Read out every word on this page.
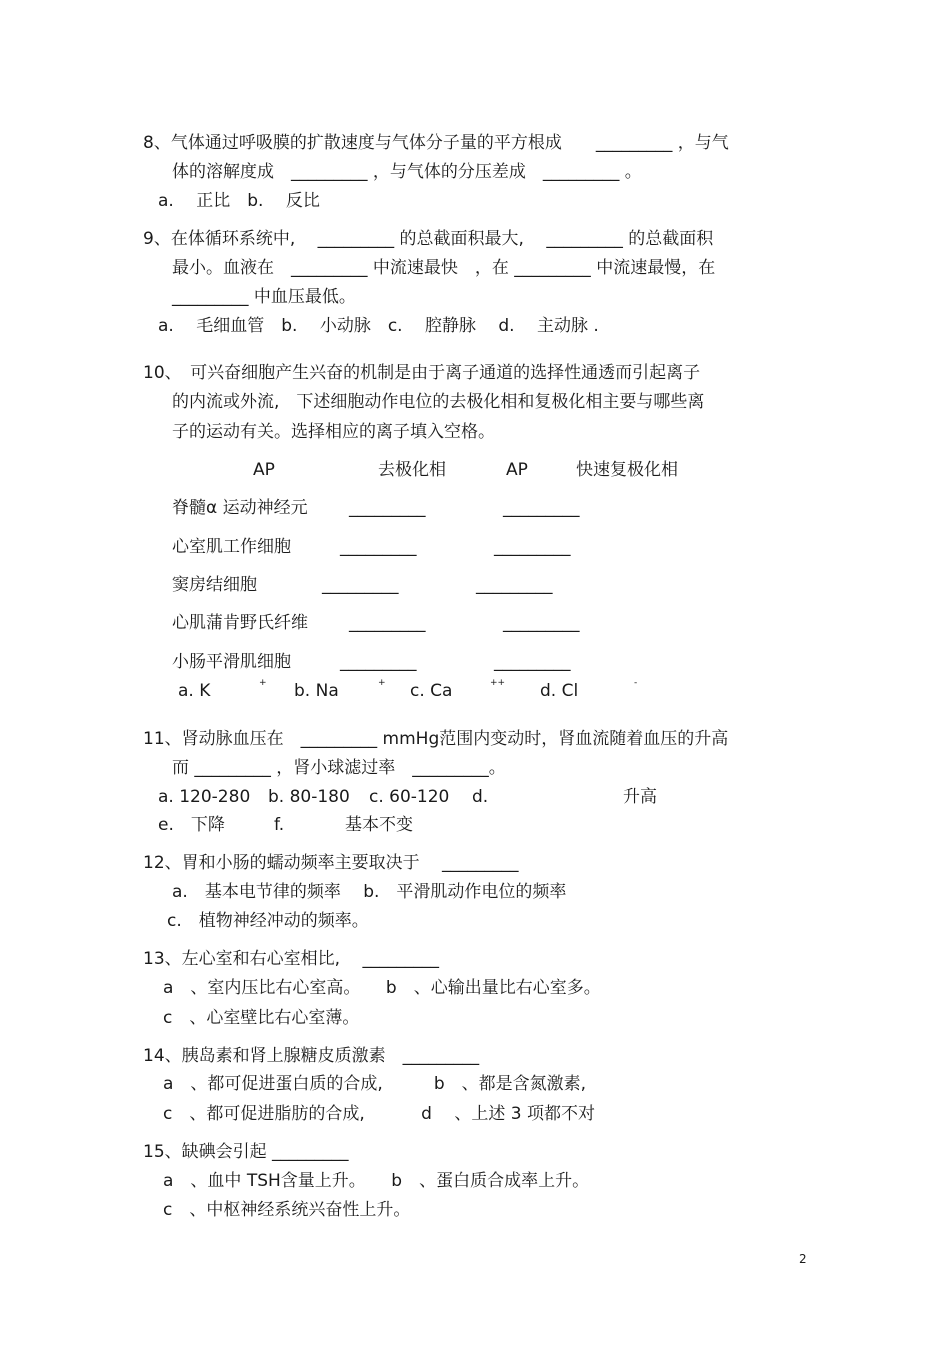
8、气体通过呼吸膜的扩散速度与气体分子量的平方根成　　_________ ，与气
体的溶解度成　_________ ，与气体的分压差成　_________ 。
a.　 正比　b.　 反比
9、在体循环系统中,　 _________ 的总截面积最大,　 _________ 的总截面积
最小。血液在　_________ 中流速最快　，在 _________ 中流速最慢，在
_________ 中血压最低。
a.　 毛细血管　b.　 小动脉　c.　 腔静脉　 d.　 主动脉 .
10、　可兴奋细胞产生兴奋的机制是由于离子通道的选择性通透而引起离子
的内流或外流,　下述细胞动作电位的去极化相和复极化相主要与哪些离
子的运动有关。选择相应的离子填入空格。
AP	去极化相	AP	快速复极化相
脊髓α 运动神经元 _________	_________
心室肌工作细胞	_________	_________
窦房结细胞	_________	_________
心肌蒲肯野氏纤维 _________	_________
小肠平滑肌细胞	_________	_________
a. K	+ b. Na	+ c. Ca	++ d. Cl	-
11、肾动脉血压在　_________ mmHg范围内变动时，肾血流随着血压的升高
而 _________ ，肾小球滤过率　_________。
a. 120-280 b. 80-180 c. 60-120 d.	升高
e.　下降	f.	基本不变
12、胃和小肠的蠕动频率主要取决于　 _________
a.　基本电节律的频率　 b.　平滑肌动作电位的频率
c.　植物神经冲动的频率。
13、左心室和右心室相比,　 _________
a　、室内压比右心室高。　　b　、心输出量比右心室多。
c　、心室壁比右心室薄。
14、胰岛素和肾上腺糖皮质激素　_________
a　、都可促进蛋白质的合成,　　　b　、都是含氮激素,
c　、都可促进脂肪的合成,　　　 d　 、上述 3 项都不对
15、缺碘会引起 _________
a　、血中 TSH含量上升。　　b　、蛋白质合成率上升。
c　、中枢神经系统兴奋性上升。
2
